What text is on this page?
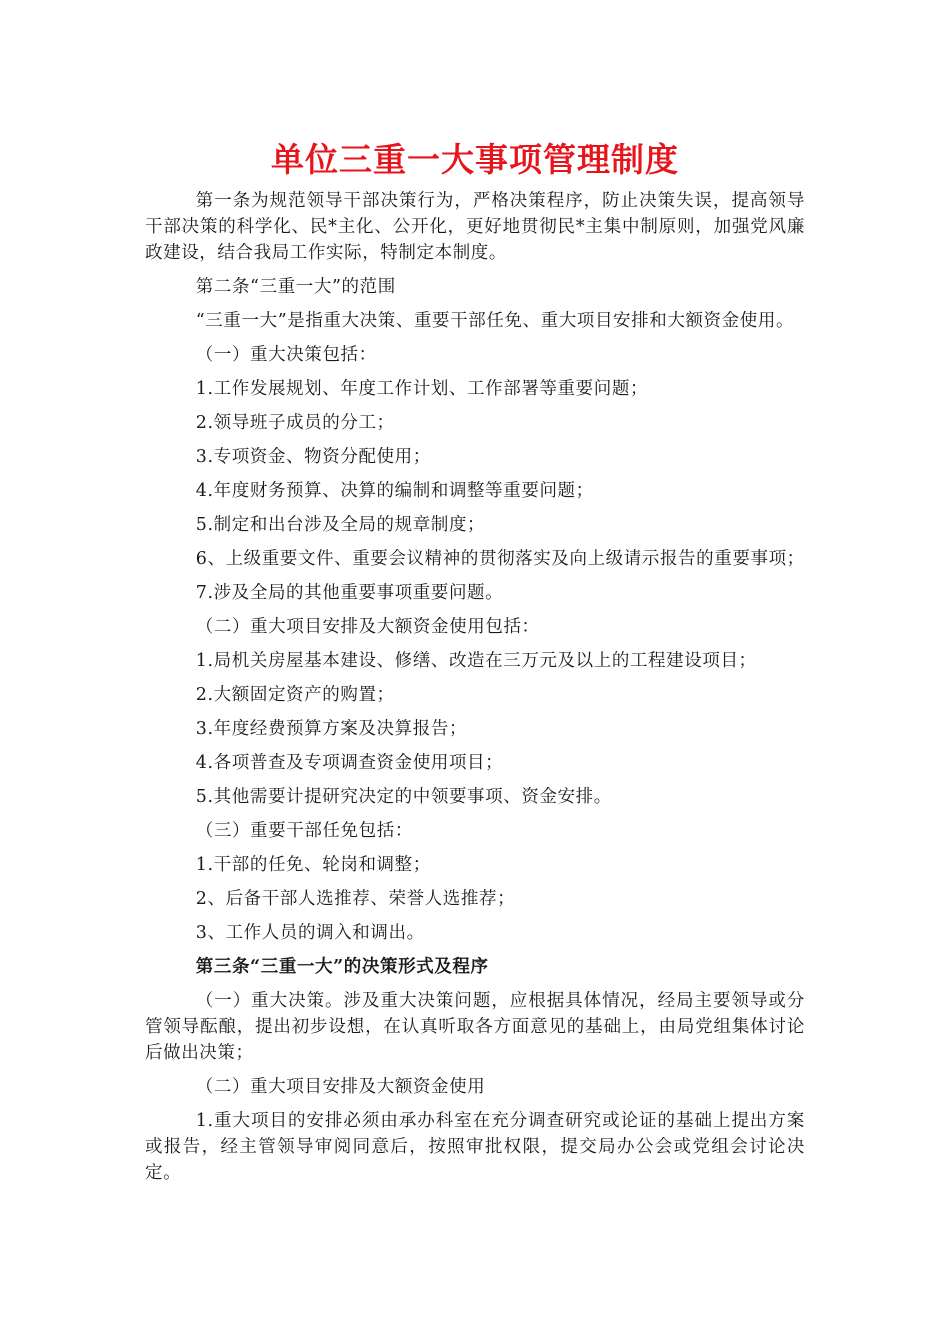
单位三重一大事项管理制度

第一条为规范领导干部决策行为，严格决策程序，防止决策失误，提高领导干部决策的科学化、民*主化、公开化，更好地贯彻民*主集中制原则，加强党风廉政建设，结合我局工作实际，特制定本制度。

第二条“三重一大”的范围

“三重一大”是指重大决策、重要干部任免、重大项目安排和大额资金使用。

（一）重大决策包括：

1.工作发展规划、年度工作计划、工作部署等重要问题；

2.领导班子成员的分工；

3.专项资金、物资分配使用；

4.年度财务预算、决算的编制和调整等重要问题；

5.制定和出台涉及全局的规章制度；

6、上级重要文件、重要会议精神的贯彻落实及向上级请示报告的重要事项；

7.涉及全局的其他重要事项重要问题。

（二）重大项目安排及大额资金使用包括：

1.局机关房屋基本建设、修缮、改造在三万元及以上的工程建设项目；

2.大额固定资产的购置；

3.年度经费预算方案及决算报告；

4.各项普查及专项调查资金使用项目；

5.其他需要计提研究决定的中领要事项、资金安排。

（三）重要干部任免包括：

1.干部的任免、轮岗和调整；

2、后备干部人选推荐、荣誉人选推荐；

3、工作人员的调入和调出。

第三条“三重一大”的决策形式及程序

（一）重大决策。涉及重大决策问题，应根据具体情况，经局主要领导或分管领导酝酿，提出初步设想，在认真听取各方面意见的基础上，由局党组集体讨论后做出决策；

（二）重大项目安排及大额资金使用

1.重大项目的安排必须由承办科室在充分调查研究或论证的基础上提出方案或报告，经主管领导审阅同意后，按照审批权限，提交局办公会或党组会讨论决定。
